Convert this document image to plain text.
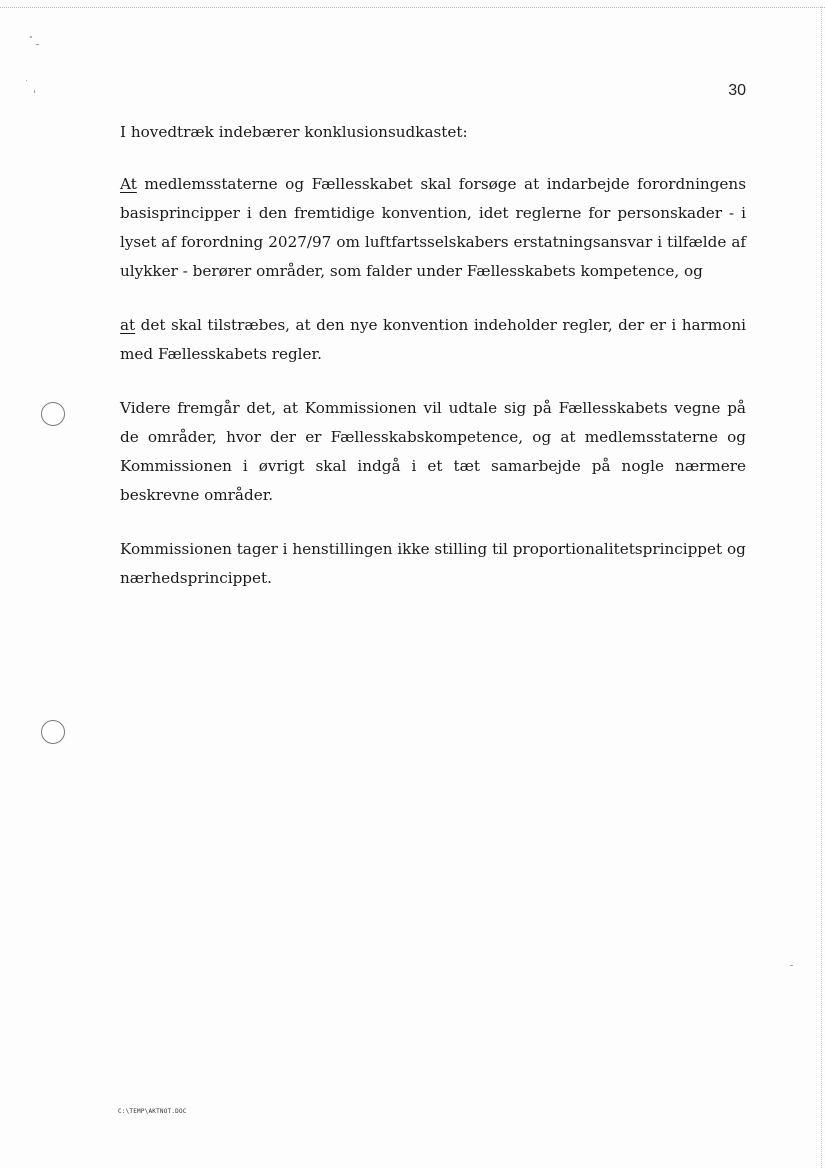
30

I hovedtræk indebærer konklusionsudkastet:

At medlemsstaterne og Fællesskabet skal forsøge at indarbejde forordningens basisprincipper i den fremtidige konvention, idet reglerne for personskader - i lyset af forordning 2027/97 om luftfartsselskabers erstatningsansvar i tilfælde af ulykker - berører områder, som falder under Fællesskabets kompetence, og

at det skal tilstræbes, at den nye konvention indeholder regler, der er i harmoni med Fællesskabets regler.

Videre fremgår det, at Kommissionen vil udtale sig på Fællesskabets vegne på de områder, hvor der er Fællesskabskompetence, og at medlemsstaterne og Kommissionen i øvrigt skal indgå i et tæt samarbejde på nogle nærmere beskrevne områder.

Kommissionen tager i henstillingen ikke stilling til proportionalitetsprincippet og nærhedsprincippet.

C:\TEMP\AKTNOT.DOC
